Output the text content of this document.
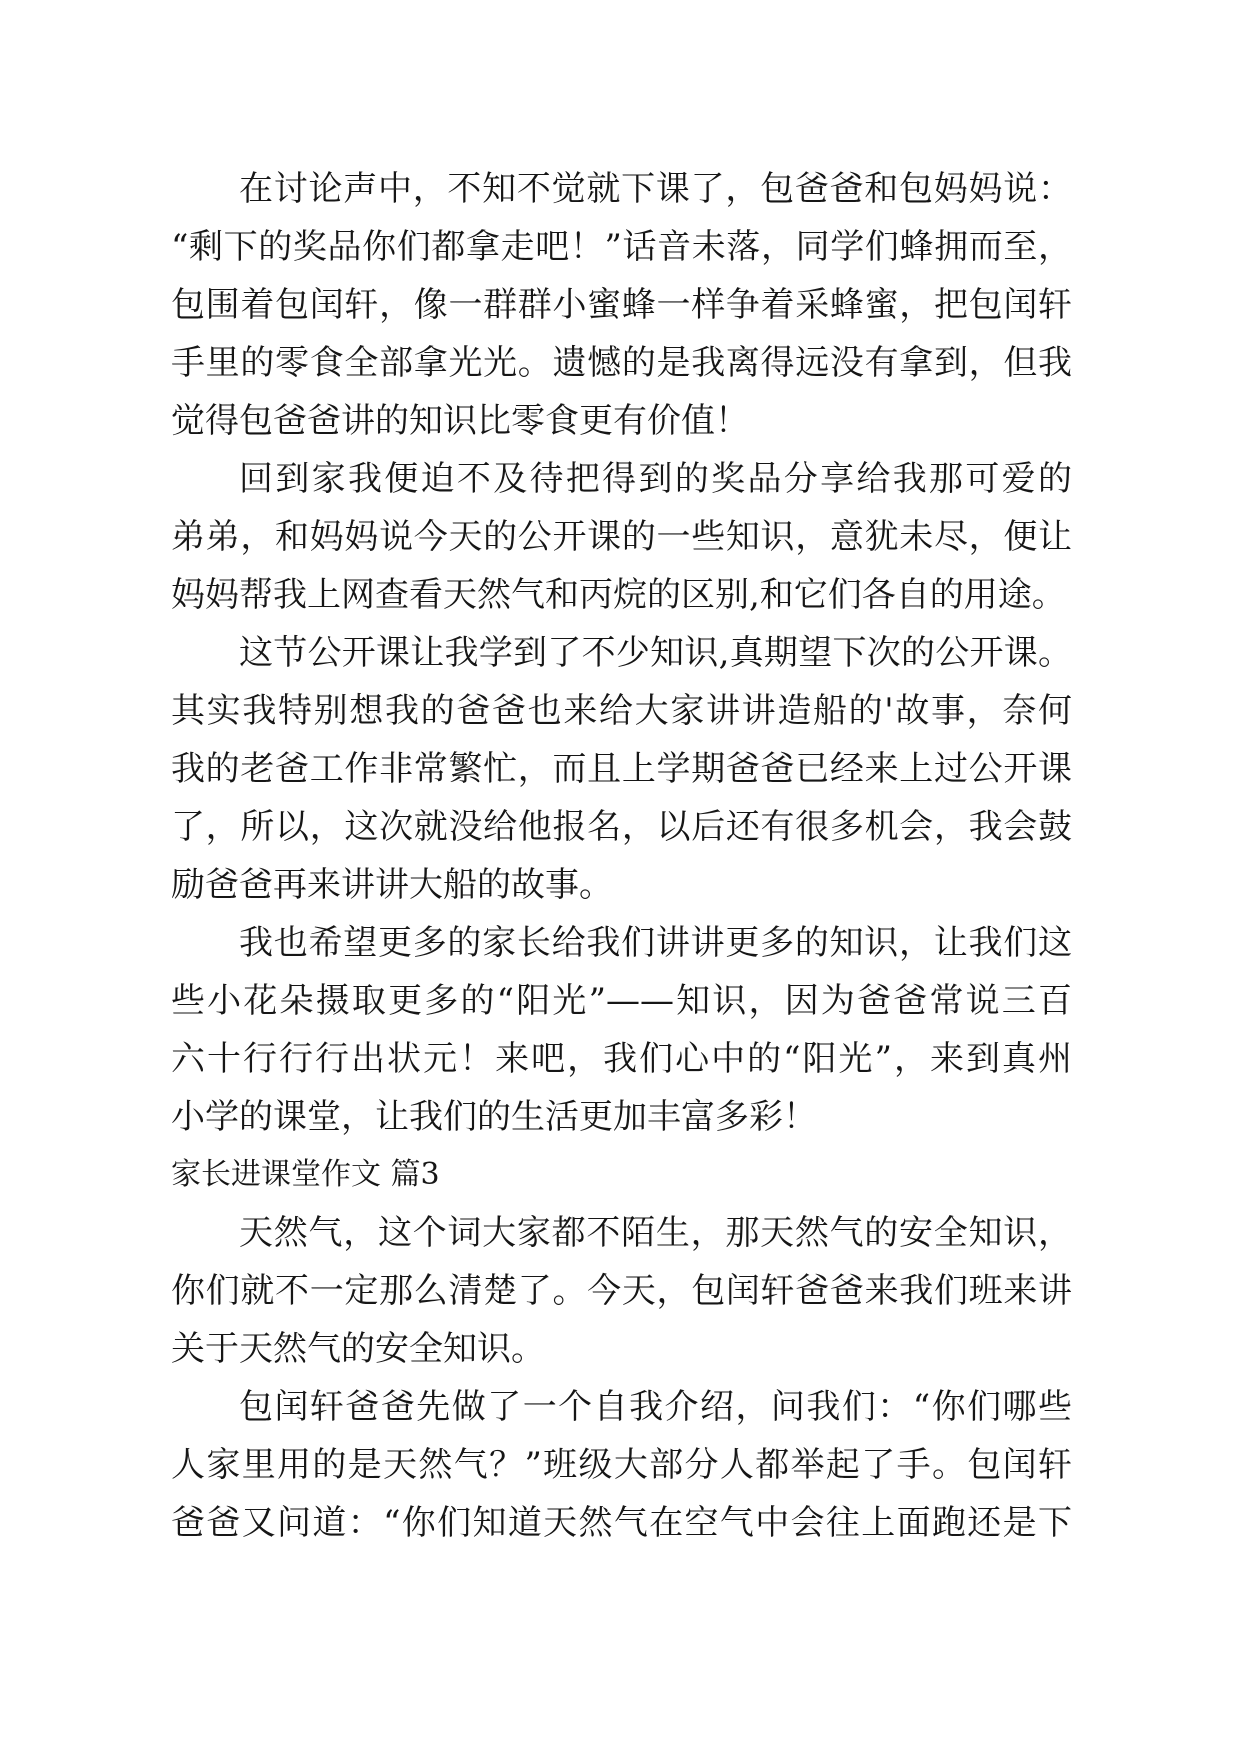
在讨论声中，不知不觉就下课了，包爸爸和包妈妈说：
“剩下的奖品你们都拿走吧！”话音未落，同学们蜂拥而至，
包围着包闰轩，像一群群小蜜蜂一样争着采蜂蜜，把包闰轩
手里的零食全部拿光光。遗憾的是我离得远没有拿到，但我
觉得包爸爸讲的知识比零食更有价值！
回到家我便迫不及待把得到的奖品分享给我那可爱的
弟弟，和妈妈说今天的公开课的一些知识，意犹未尽，便让
妈妈帮我上网查看天然气和丙烷的区别,和它们各自的用途。
这节公开课让我学到了不少知识,真期望下次的公开课。
其实我特别想我的爸爸也来给大家讲讲造船的'故事，奈何
我的老爸工作非常繁忙，而且上学期爸爸已经来上过公开课
了，所以，这次就没给他报名，以后还有很多机会，我会鼓
励爸爸再来讲讲大船的故事。
我也希望更多的家长给我们讲讲更多的知识，让我们这
些小花朵摄取更多的“阳光”——知识，因为爸爸常说三百
六十行行行出状元！来吧，我们心中的“阳光”，来到真州
小学的课堂，让我们的生活更加丰富多彩！
家长进课堂作文 篇3
天然气，这个词大家都不陌生，那天然气的安全知识，
你们就不一定那么清楚了。今天，包闰轩爸爸来我们班来讲
关于天然气的安全知识。
包闰轩爸爸先做了一个自我介绍，问我们：“你们哪些
人家里用的是天然气？”班级大部分人都举起了手。包闰轩
爸爸又问道：“你们知道天然气在空气中会往上面跑还是下
